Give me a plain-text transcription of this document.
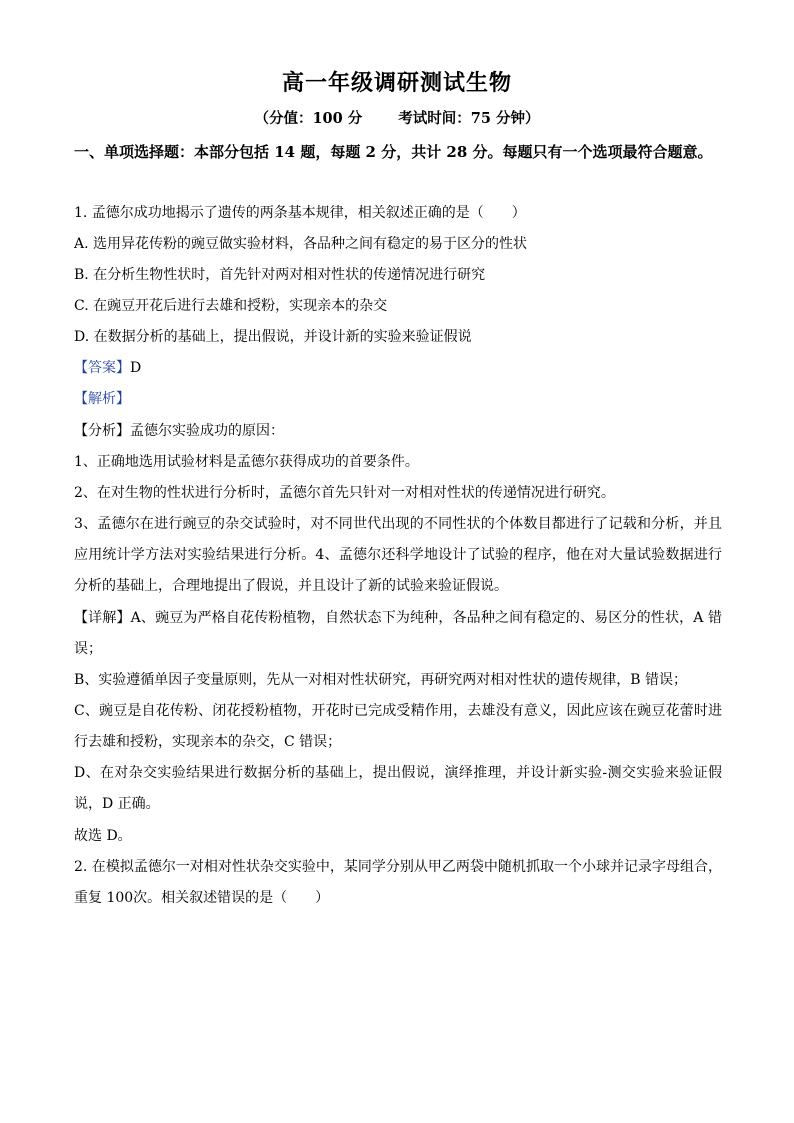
高一年级调研测试生物
（分值：100 分 考试时间：75 分钟）
一、单项选择题：本部分包括 14 题，每题 2 分，共计 28 分。每题只有一个选项最符合题意。
1. 孟德尔成功地揭示了遗传的两条基本规律，相关叙述正确的是（　　）
A. 选用异花传粉的豌豆做实验材料，各品种之间有稳定的易于区分的性状
B. 在分析生物性状时，首先针对两对相对性状的传递情况进行研究
C. 在豌豆开花后进行去雄和授粉，实现亲本的杂交
D. 在数据分析的基础上，提出假说，并设计新的实验来验证假说
【答案】D
【解析】
【分析】孟德尔实验成功的原因：
1、正确地选用试验材料是孟德尔获得成功的首要条件。
2、在对生物的性状进行分析时，孟德尔首先只针对一对相对性状的传递情况进行研究。
3、孟德尔在进行豌豆的杂交试验时，对不同世代出现的不同性状的个体数目都进行了记载和分析，并且应用统计学方法对实验结果进行分析。4、孟德尔还科学地设计了试验的程序，他在对大量试验数据进行分析的基础上，合理地提出了假说，并且设计了新的试验来验证假说。
【详解】A、豌豆为严格自花传粉植物，自然状态下为纯种，各品种之间有稳定的、易区分的性状，A 错误；
B、实验遵循单因子变量原则，先从一对相对性状研究，再研究两对相对性状的遗传规律，B 错误；
C、豌豆是自花传粉、闭花授粉植物，开花时已完成受精作用，去雄没有意义，因此应该在豌豆花蕾时进行去雄和授粉，实现亲本的杂交，C 错误；
D、在对杂交实验结果进行数据分析的基础上，提出假说，演绎推理，并设计新实验-测交实验来验证假说，D 正确。
故选 D。
2. 在模拟孟德尔一对相对性状杂交实验中，某同学分别从甲乙两袋中随机抓取一个小球并记录字母组合，重复 100次。相关叙述错误的是（　　）
